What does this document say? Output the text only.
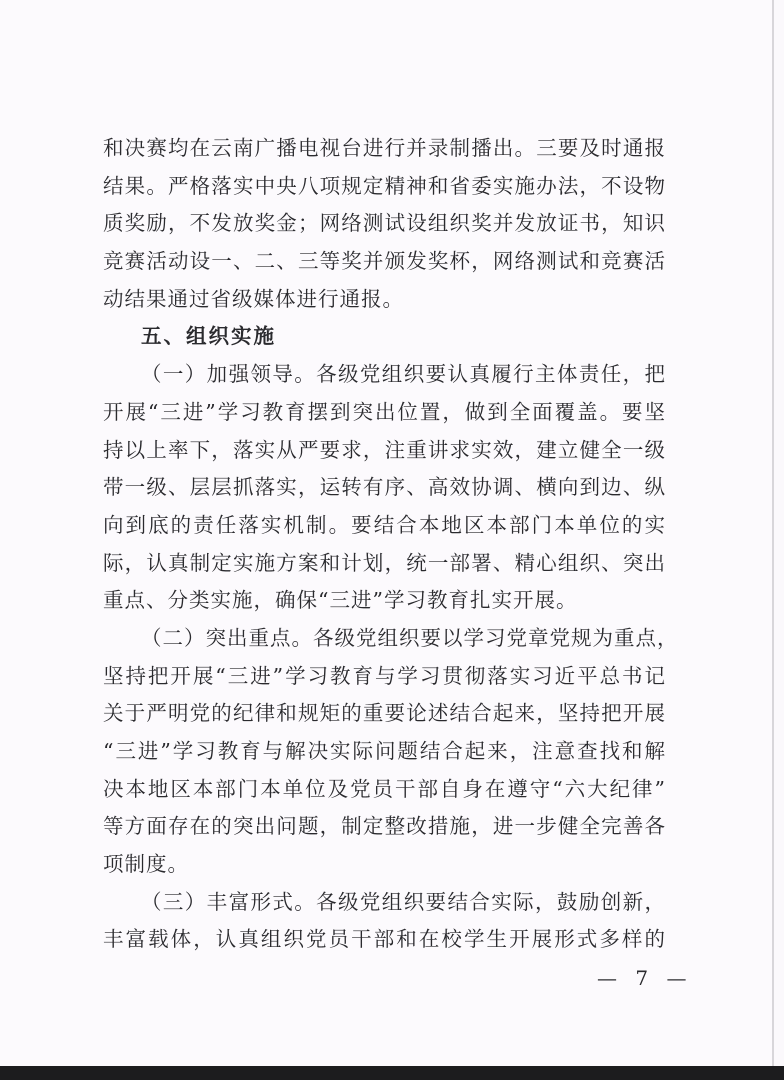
和决赛均在云南广播电视台进行并录制播出。三要及时通报
结果。严格落实中央八项规定精神和省委实施办法，不设物
质奖励，不发放奖金；网络测试设组织奖并发放证书，知识
竞赛活动设一、二、三等奖并颁发奖杯，网络测试和竞赛活
动结果通过省级媒体进行通报。
五、组织实施
（一）加强领导。各级党组织要认真履行主体责任，把
开展“三进”学习教育摆到突出位置，做到全面覆盖。要坚
持以上率下，落实从严要求，注重讲求实效，建立健全一级
带一级、层层抓落实，运转有序、高效协调、横向到边、纵
向到底的责任落实机制。要结合本地区本部门本单位的实
际，认真制定实施方案和计划，统一部署、精心组织、突出
重点、分类实施，确保“三进”学习教育扎实开展。
（二）突出重点。各级党组织要以学习党章党规为重点，
坚持把开展“三进”学习教育与学习贯彻落实习近平总书记
关于严明党的纪律和规矩的重要论述结合起来，坚持把开展
“三进”学习教育与解决实际问题结合起来，注意查找和解
决本地区本部门本单位及党员干部自身在遵守“六大纪律”
等方面存在的突出问题，制定整改措施，进一步健全完善各
项制度。
（三）丰富形式。各级党组织要结合实际，鼓励创新，
丰富载体，认真组织党员干部和在校学生开展形式多样的
— 7 —
